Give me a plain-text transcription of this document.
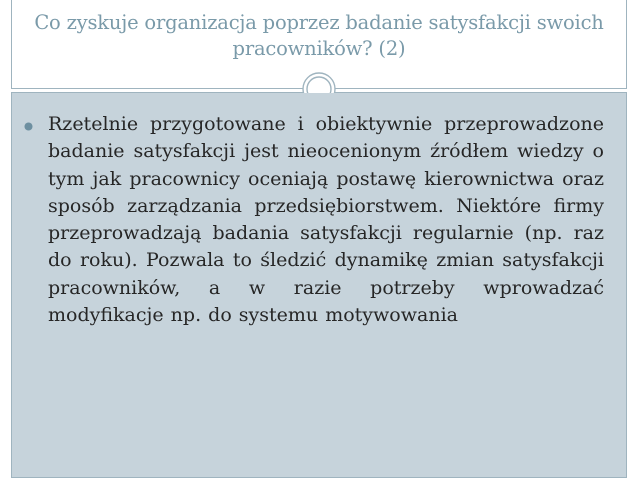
Co zyskuje organizacja poprzez badanie satysfakcji swoich pracowników? (2)

Rzetelnie przygotowane i obiektywnie przeprowadzone badanie satysfakcji jest nieocenionym źródłem wiedzy o tym jak pracownicy oceniają postawę kierownictwa oraz sposób zarządzania przedsiębiorstwem. Niektóre firmy przeprowadzają badania satysfakcji regularnie (np. raz do roku). Pozwala to śledzić dynamikę zmian satysfakcji pracowników, a w razie potrzeby wprowadzać modyfikacje np. do systemu motywowania
